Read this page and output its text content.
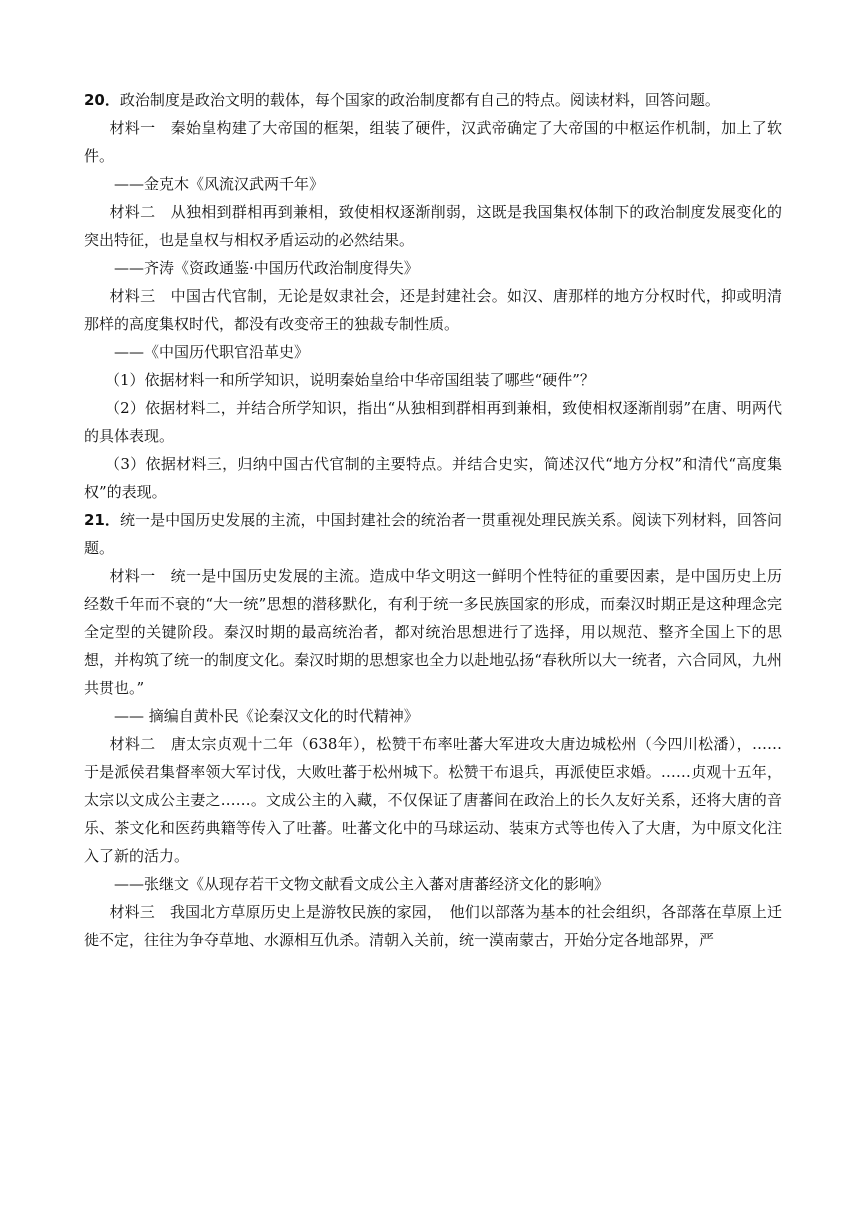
20．政治制度是政治文明的载体，每个国家的政治制度都有自己的特点。阅读材料，回答问题。

材料一　秦始皇构建了大帝国的框架，组装了硬件，汉武帝确定了大帝国的中枢运作机制，加上了软件。

——金克木《风流汉武两千年》

材料二　从独相到群相再到兼相，致使相权逐渐削弱，这既是我国集权体制下的政治制度发展变化的突出特征，也是皇权与相权矛盾运动的必然结果。

——齐涛《资政通鉴·中国历代政治制度得失》

材料三　中国古代官制，无论是奴隶社会，还是封建社会。如汉、唐那样的地方分权时代，抑或明清那样的高度集权时代，都没有改变帝王的独裁专制性质。

——《中国历代职官沿革史》

（1）依据材料一和所学知识，说明秦始皇给中华帝国组装了哪些“硬件”？

（2）依据材料二，并结合所学知识，指出“从独相到群相再到兼相，致使相权逐渐削弱”在唐、明两代的具体表现。

（3）依据材料三，归纳中国古代官制的主要特点。并结合史实，简述汉代“地方分权”和清代“高度集权”的表现。

21．统一是中国历史发展的主流，中国封建社会的统治者一贯重视处理民族关系。阅读下列材料，回答问题。

材料一　统一是中国历史发展的主流。造成中华文明这一鲜明个性特征的重要因素，是中国历史上历经数千年而不衰的“大一统”思想的潜移默化，有利于统一多民族国家的形成，而秦汉时期正是这种理念完全定型的关键阶段。秦汉时期的最高统治者，都对统治思想进行了选择，用以规范、整齐全国上下的思想，并构筑了统一的制度文化。秦汉时期的思想家也全力以赴地弘扬“春秋所以大一统者，六合同风，九州共贯也。”

—— 摘编自黄朴民《论秦汉文化的时代精神》

材料二　唐太宗贞观十二年（638年），松赞干布率吐蕃大军进攻大唐边城松州（今四川松潘），……于是派侯君集督率领大军讨伐，大败吐蕃于松州城下。松赞干布退兵，再派使臣求婚。……贞观十五年，太宗以文成公主妻之……。文成公主的入藏，不仅保证了唐蕃间在政治上的长久友好关系，还将大唐的音乐、茶文化和医药典籍等传入了吐蕃。吐蕃文化中的马球运动、装束方式等也传入了大唐，为中原文化注入了新的活力。

——张继文《从现存若干文物文献看文成公主入蕃对唐蕃经济文化的影响》

材料三　我国北方草原历史上是游牧民族的家园，　他们以部落为基本的社会组织，各部落在草原上迁徙不定，往往为争夺草地、水源相互仇杀。清朝入关前，统一漠南蒙古，开始分定各地部界，严
